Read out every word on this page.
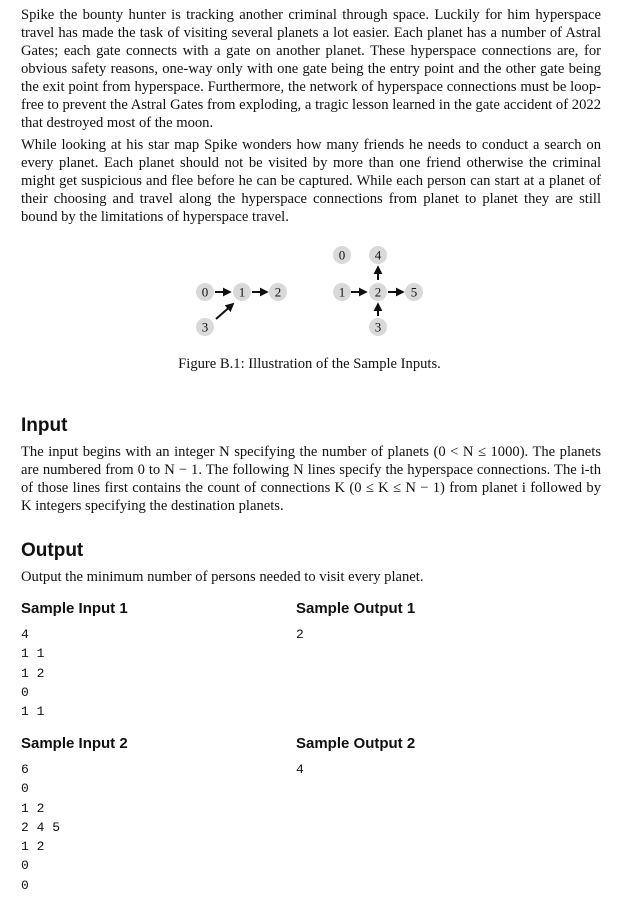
Spike the bounty hunter is tracking another criminal through space. Luckily for him hyperspace travel has made the task of visiting several planets a lot easier. Each planet has a number of Astral Gates; each gate connects with a gate on another planet. These hyperspace connections are, for obvious safety reasons, one-way only with one gate being the entry point and the other gate being the exit point from hyperspace. Furthermore, the network of hyperspace connections must be loop-free to prevent the Astral Gates from exploding, a tragic lesson learned in the gate accident of 2022 that destroyed most of the moon.

While looking at his star map Spike wonders how many friends he needs to conduct a search on every planet. Each planet should not be visited by more than one friend otherwise the criminal might get suspicious and flee before he can be captured. While each person can start at a planet of their choosing and travel along the hyperspace connections from planet to planet they are still bound by the limitations of hyperspace travel.

0 1 2
3
0
1 2
3
4
5

Figure B.1: Illustration of the Sample Inputs.

Input

The input begins with an integer N specifying the number of planets (0 < N ≤ 1000). The planets are numbered from 0 to N − 1. The following N lines specify the hyperspace connections. The i-th of those lines first contains the count of connections K (0 ≤ K ≤ N − 1) from planet i followed by K integers specifying the destination planets.

Output

Output the minimum number of persons needed to visit every planet.

Sample Input 1
4
1 1
1 2
0
1 1
Sample Output 1
2
Sample Input 2
6
0
1 2
2 4 5
1 2
0
0
Sample Output 2
4
